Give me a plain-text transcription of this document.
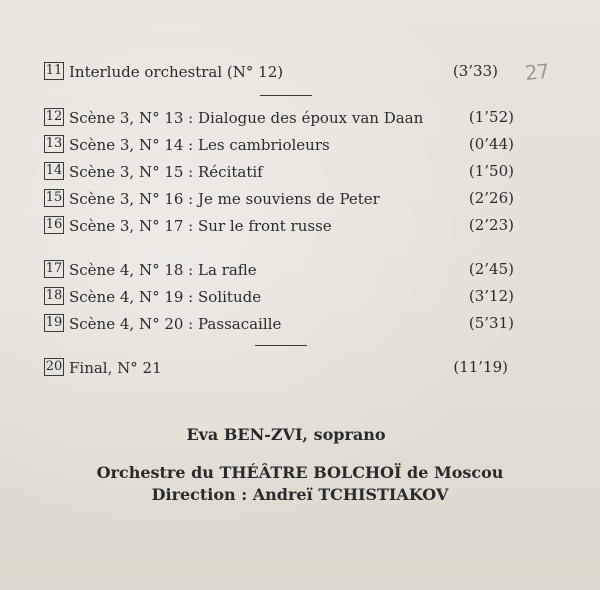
11 Interlude orchestral (N° 12)	(3’33) 27
12 Scène 3, N° 13 : Dialogue des époux van Daan	(1’52)
13 Scène 3, N° 14 : Les cambrioleurs	(0’44)
14 Scène 3, N° 15 : Récitatif	(1’50)
15 Scène 3, N° 16 : Je me souviens de Peter	(2’26)
16 Scène 3, N° 17 : Sur le front russe	(2’23)
17 Scène 4, N° 18 : La rafle	(2’45)
18 Scène 4, N° 19 : Solitude	(3’12)
19 Scène 4, N° 20 : Passacaille	(5’31)
20 Final, N° 21	(11’19)
Eva BEN-ZVI, soprano
Orchestre du THÉÂTRE BOLCHOÏ de Moscou
Direction : Andreï TCHISTIAKOV
